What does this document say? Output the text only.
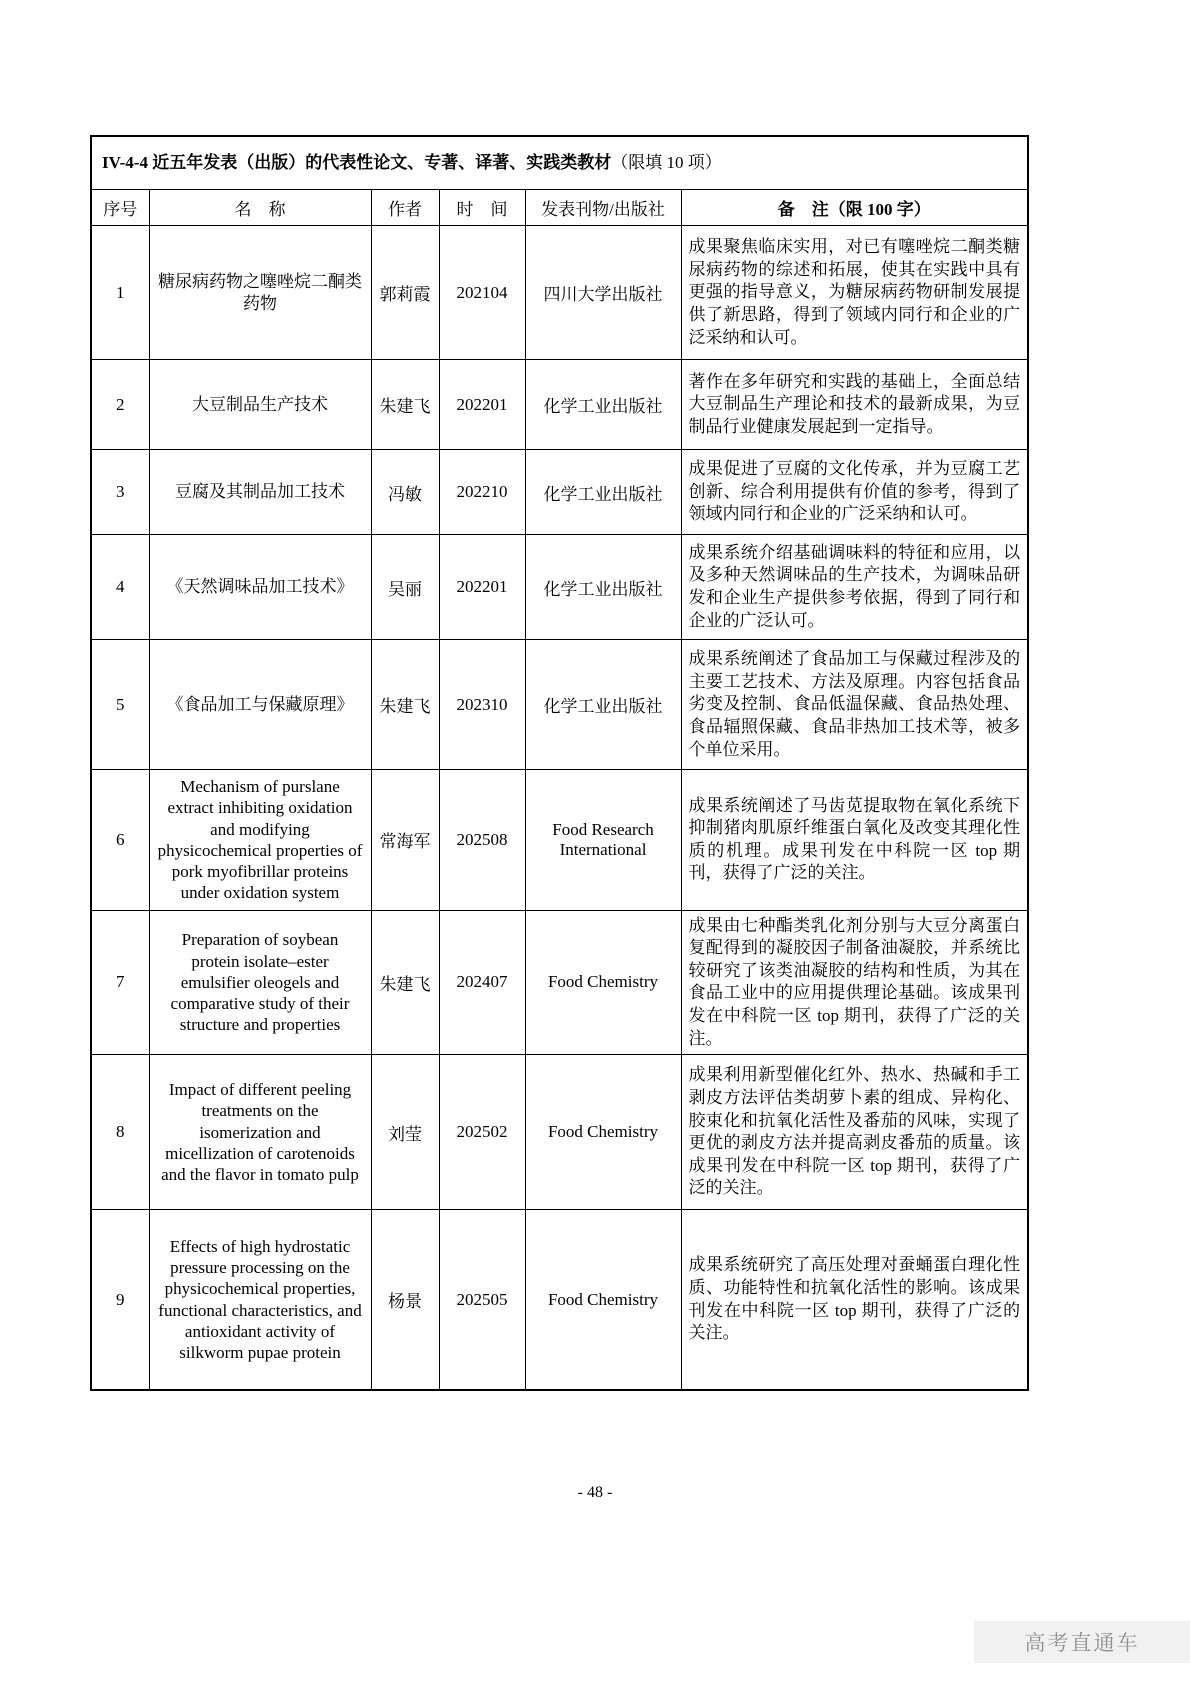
IV-4-4 近五年发表（出版）的代表性论文、专著、译著、实践类教材（限填 10 项）					
序号	名　称	作者	时　间	发表刊物/出版社	备　注（限 100 字）
1	糖尿病药物之噻唑烷二酮类药物	郭莉霞	202104	四川大学出版社	成果聚焦临床实用，对已有噻唑烷二酮类糖尿病药物的综述和拓展，使其在实践中具有更强的指导意义，为糖尿病药物研制发展提供了新思路，得到了领域内同行和企业的广泛采纳和认可。
2	大豆制品生产技术	朱建飞	202201	化学工业出版社	著作在多年研究和实践的基础上，全面总结大豆制品生产理论和技术的最新成果，为豆制品行业健康发展起到一定指导。
3	豆腐及其制品加工技术	冯敏	202210	化学工业出版社	成果促进了豆腐的文化传承，并为豆腐工艺创新、综合利用提供有价值的参考，得到了领域内同行和企业的广泛采纳和认可。
4	《天然调味品加工技术》	吴丽	202201	化学工业出版社	成果系统介绍基础调味料的特征和应用，以及多种天然调味品的生产技术，为调味品研发和企业生产提供参考依据，得到了同行和企业的广泛认可。
5	《食品加工与保藏原理》	朱建飞	202310	化学工业出版社	成果系统阐述了食品加工与保藏过程涉及的主要工艺技术、方法及原理。内容包括食品劣变及控制、食品低温保藏、食品热处理、食品辐照保藏、食品非热加工技术等，被多个单位采用。
6	Mechanism of purslane extract inhibiting oxidation and modifying physicochemical properties of pork myofibrillar proteins under oxidation system	常海军	202508	Food Research International	成果系统阐述了马齿苋提取物在氧化系统下抑制猪肉肌原纤维蛋白氧化及改变其理化性质的机理。成果刊发在中科院一区 top 期刊，获得了广泛的关注。
7	Preparation of soybean protein isolate–ester emulsifier oleogels and comparative study of their structure and properties	朱建飞	202407	Food Chemistry	成果由七种酯类乳化剂分别与大豆分离蛋白复配得到的凝胶因子制备油凝胶，并系统比较研究了该类油凝胶的结构和性质，为其在食品工业中的应用提供理论基础。该成果刊发在中科院一区 top 期刊，获得了广泛的关注。
8	Impact of different peeling treatments on the isomerization and micellization of carotenoids and the flavor in tomato pulp	刘莹	202502	Food Chemistry	成果利用新型催化红外、热水、热碱和手工剥皮方法评估类胡萝卜素的组成、异构化、胶束化和抗氧化活性及番茄的风味，实现了更优的剥皮方法并提高剥皮番茄的质量。该成果刊发在中科院一区 top 期刊，获得了广泛的关注。
9	Effects of high hydrostatic pressure processing on the physicochemical properties, functional characteristics, and antioxidant activity of silkworm pupae protein	杨景	202505	Food Chemistry	成果系统研究了高压处理对蚕蛹蛋白理化性质、功能特性和抗氧化活性的影响。该成果刊发在中科院一区 top 期刊，获得了广泛的关注。
- 48 -
高考直通车
